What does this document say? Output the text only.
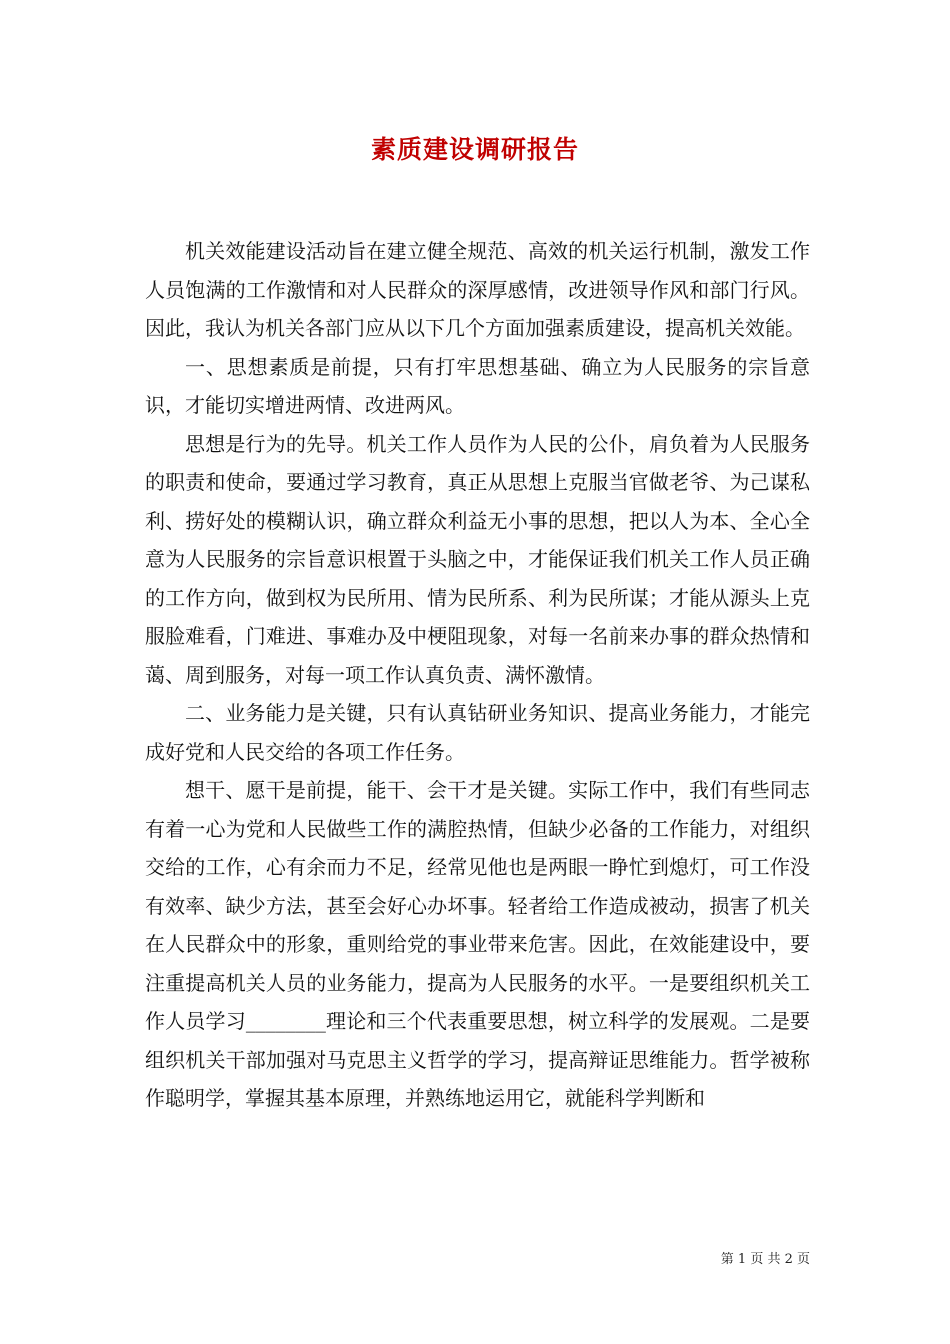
素质建设调研报告

机关效能建设活动旨在建立健全规范、高效的机关运行机制，激发工作人员饱满的工作激情和对人民群众的深厚感情，改进领导作风和部门行风。因此，我认为机关各部门应从以下几个方面加强素质建设，提高机关效能。

一、思想素质是前提，只有打牢思想基础、确立为人民服务的宗旨意识，才能切实增进两情、改进两风。

思想是行为的先导。机关工作人员作为人民的公仆，肩负着为人民服务的职责和使命，要通过学习教育，真正从思想上克服当官做老爷、为己谋私利、捞好处的模糊认识，确立群众利益无小事的思想，把以人为本、全心全意为人民服务的宗旨意识根置于头脑之中，才能保证我们机关工作人员正确的工作方向，做到权为民所用、情为民所系、利为民所谋；才能从源头上克服脸难看，门难进、事难办及中梗阻现象，对每一名前来办事的群众热情和蔼、周到服务，对每一项工作认真负责、满怀激情。

二、业务能力是关键，只有认真钻研业务知识、提高业务能力，才能完成好党和人民交给的各项工作任务。

想干、愿干是前提，能干、会干才是关键。实际工作中，我们有些同志有着一心为党和人民做些工作的满腔热情，但缺少必备的工作能力，对组织交给的工作，心有余而力不足，经常见他也是两眼一睁忙到熄灯，可工作没有效率、缺少方法，甚至会好心办坏事。轻者给工作造成被动，损害了机关在人民群众中的形象，重则给党的事业带来危害。因此，在效能建设中，要注重提高机关人员的业务能力，提高为人民服务的水平。一是要组织机关工作人员学习________理论和三个代表重要思想，树立科学的发展观。二是要组织机关干部加强对马克思主义哲学的学习，提高辩证思维能力。哲学被称作聪明学，掌握其基本原理，并熟练地运用它，就能科学判断和

第 1 页 共 2 页
